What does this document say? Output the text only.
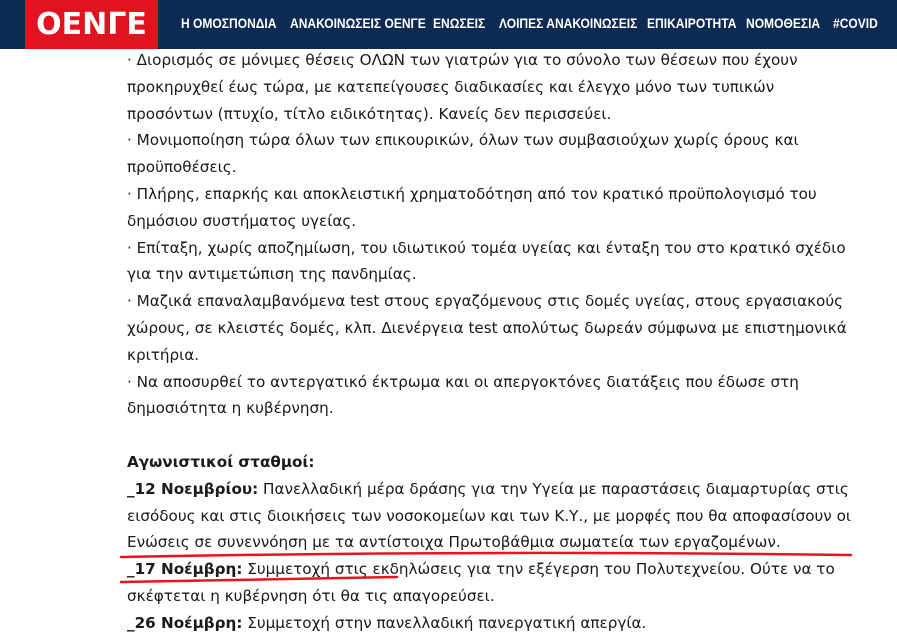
ΟΕΝΓΕ	Η ΟΜΟΣΠΟΝΔΙΑ ΑΝΑΚΟΙΝΩΣΕΙΣ ΟΕΝΓΕ ΕΝΩΣΕΙΣ ΛΟΙΠΕΣ ΑΝΑΚΟΙΝΩΣΕΙΣ ΕΠΙΚΑΙΡΟΤΗΤΑ ΝΟΜΟΘΕΣΙΑ #COVID

· Διορισμός σε μόνιμες θέσεις ΟΛΩΝ των γιατρών για το σύνολο των θέσεων που έχουν προκηρυχθεί έως τώρα, με κατεπείγουσες διαδικασίες και έλεγχο μόνο των τυπικών προσόντων (πτυχίο, τίτλο ειδικότητας). Κανείς δεν περισσεύει.

· Μονιμοποίηση τώρα όλων των επικουρικών, όλων των συμβασιούχων χωρίς όρους και προϋποθέσεις.

· Πλήρης, επαρκής και αποκλειστική χρηματοδότηση από τον κρατικό προϋπολογισμό του δημόσιου συστήματος υγείας.

· Επίταξη, χωρίς αποζημίωση, του ιδιωτικού τομέα υγείας και ένταξη του στο κρατικό σχέδιο για την αντιμετώπιση της πανδημίας.

· Μαζικά επαναλαμβανόμενα test στους εργαζόμενους στις δομές υγείας, στους εργασιακούς χώρους, σε κλειστές δομές, κλπ. Διενέργεια test απολύτως δωρεάν σύμφωνα με επιστημονικά κριτήρια.

· Να αποσυρθεί το αντεργατικό έκτρωμα και οι απεργοκτόνες διατάξεις που έδωσε στη δημοσιότητα η κυβέρνηση.

Αγωνιστικοί σταθμοί:

_12 Νοεμβρίου: Πανελλαδική μέρα δράσης για την Υγεία με παραστάσεις διαμαρτυρίας στις εισόδους και στις διοικήσεις των νοσοκομείων και των Κ.Υ., με μορφές που θα αποφασίσουν οι Ενώσεις σε συνεννόηση με τα αντίστοιχα Πρωτοβάθμια σωματεία των εργαζομένων.

_17 Νοέμβρη: Συμμετοχή στις εκδηλώσεις για την εξέγερση του Πολυτεχνείου. Ούτε να το σκέφτεται η κυβέρνηση ότι θα τις απαγορεύσει.

_26 Νοέμβρη: Συμμετοχή στην πανελλαδική πανεργατική απεργία.
